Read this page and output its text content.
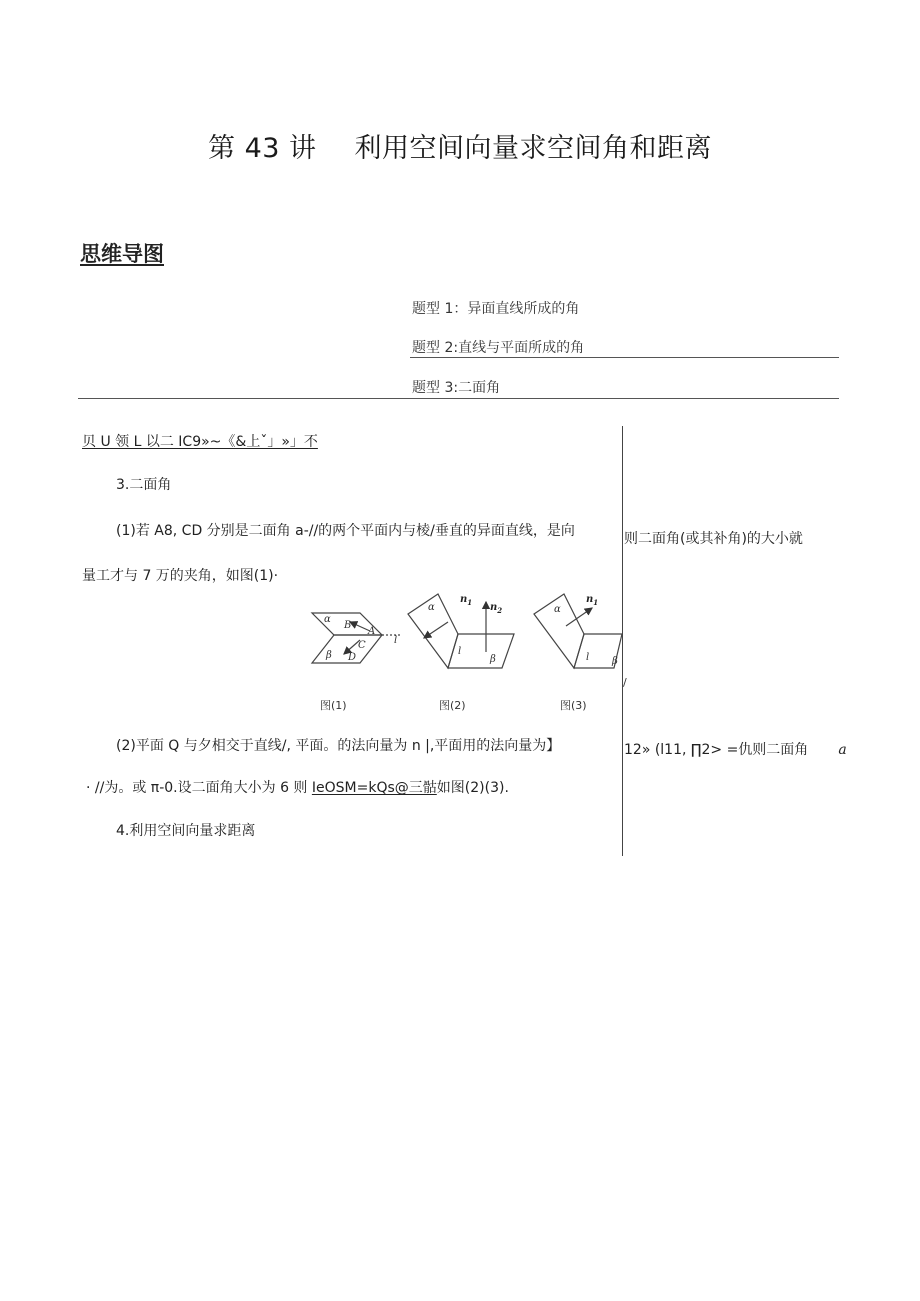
第 43 讲 利用空间向量求空间角和距离
思维导图
题型 1：异面直线所成的角
题型 2:直线与平面所成的角
题型 3:二面角
贝 U 领 L 以二 IC9»~《&上ˇ」»」不
3.二面角
(1)若 A8, CD 分别是二面角 a-//的两个平面内与棱/垂直的异面直线，是向	则二面角(或其补角)的大小就
量工才与 7 万的夹角，如图(1)·
α
β
B
A
C
D
l
α
β
l
$n_1$ $n_2$	α
β
l
$n_1$
图(1)	图(2)	图(3)
/
(2)平面 Q 与夕相交于直线/, 平面。的法向量为 n |,平面用的法向量为】	12» (l11, ∏2> =仇则二面角 a
· //为。或 π-0.设二面角大小为 6 则 IeOSM=kQs@三骷如图(2)(3).
4.利用空间向量求距离
